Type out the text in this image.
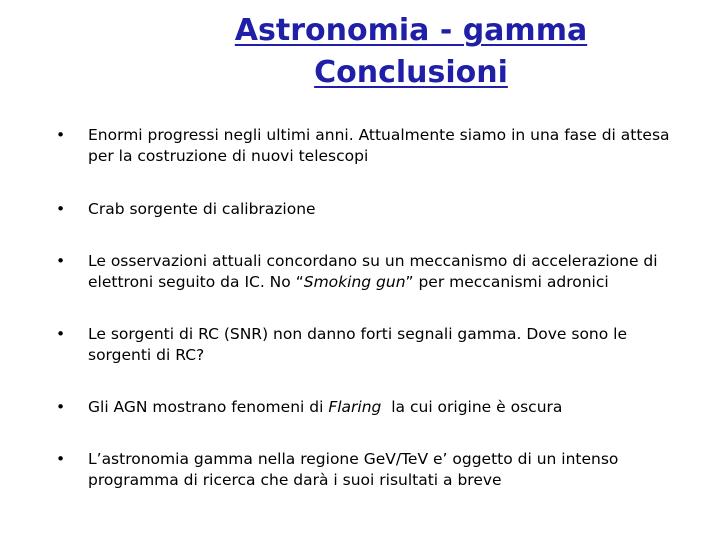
Astronomia - gamma
Conclusioni
• Enormi progressi negli ultimi anni. Attualmente siamo in una fase di attesa per la costruzione di nuovi telescopi
• Crab sorgente di calibrazione
• Le osservazioni attuali concordano su un meccanismo di accelerazione di elettroni seguito da IC. No “Smoking gun” per meccanismi adronici
• Le sorgenti di RC (SNR) non danno forti segnali gamma. Dove sono le sorgenti di RC?
• Gli AGN mostrano fenomeni di Flaring  la cui origine è oscura
• L’astronomia gamma nella regione GeV/TeV e’ oggetto di un intenso programma di ricerca che darà i suoi risultati a breve
